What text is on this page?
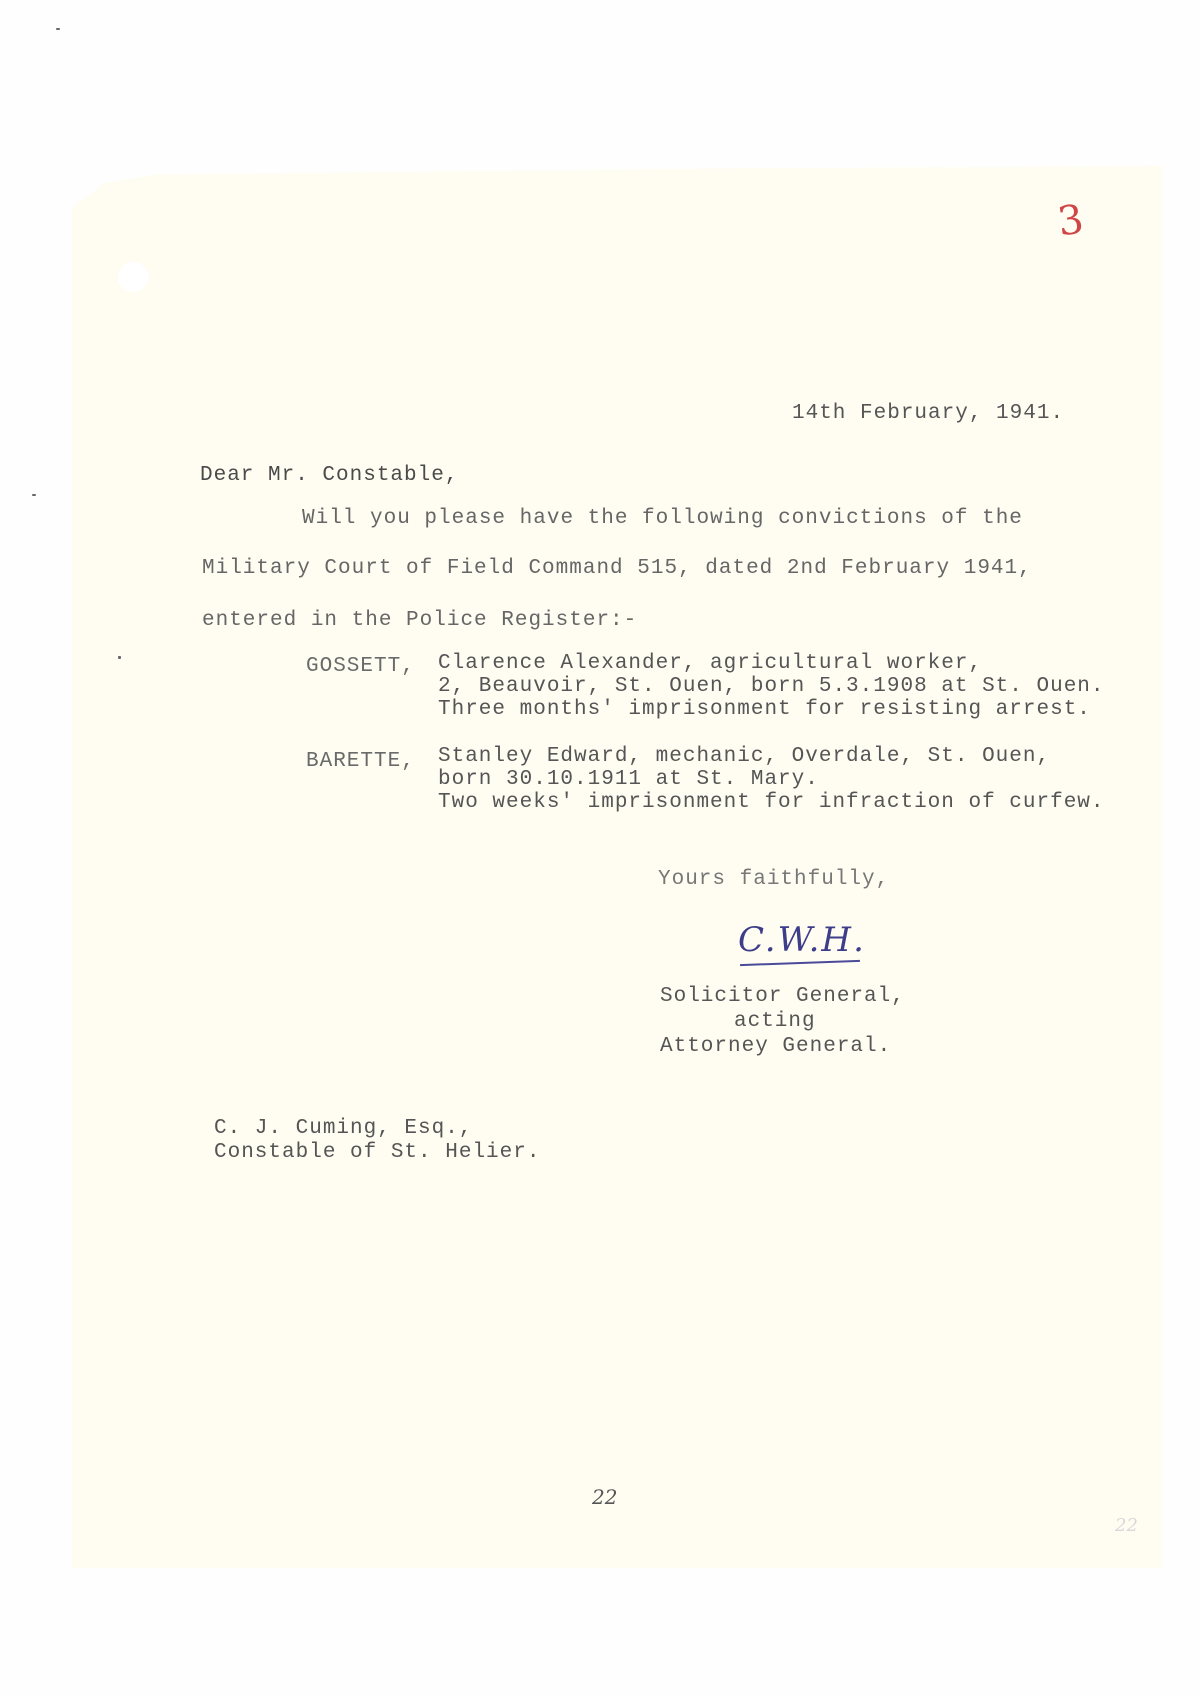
3

14th February, 1941.

Dear Mr. Constable,

Will you please have the following convictions of the

Military Court of Field Command 515, dated 2nd February 1941,

entered in the Police Register:-

GOSSETT, Clarence Alexander, agricultural worker,

2, Beauvoir, St. Ouen, born 5.3.1908 at St. Ouen.

Three months' imprisonment for resisting arrest.

BARETTE, Stanley Edward, mechanic, Overdale, St. Ouen,

born 30.10.1911 at St. Mary.

Two weeks' imprisonment for infraction of curfew.

Yours faithfully,

C.W.H.

Solicitor General,

acting

Attorney General.

C. J. Cuming, Esq.,

Constable of St. Helier.

22
22
